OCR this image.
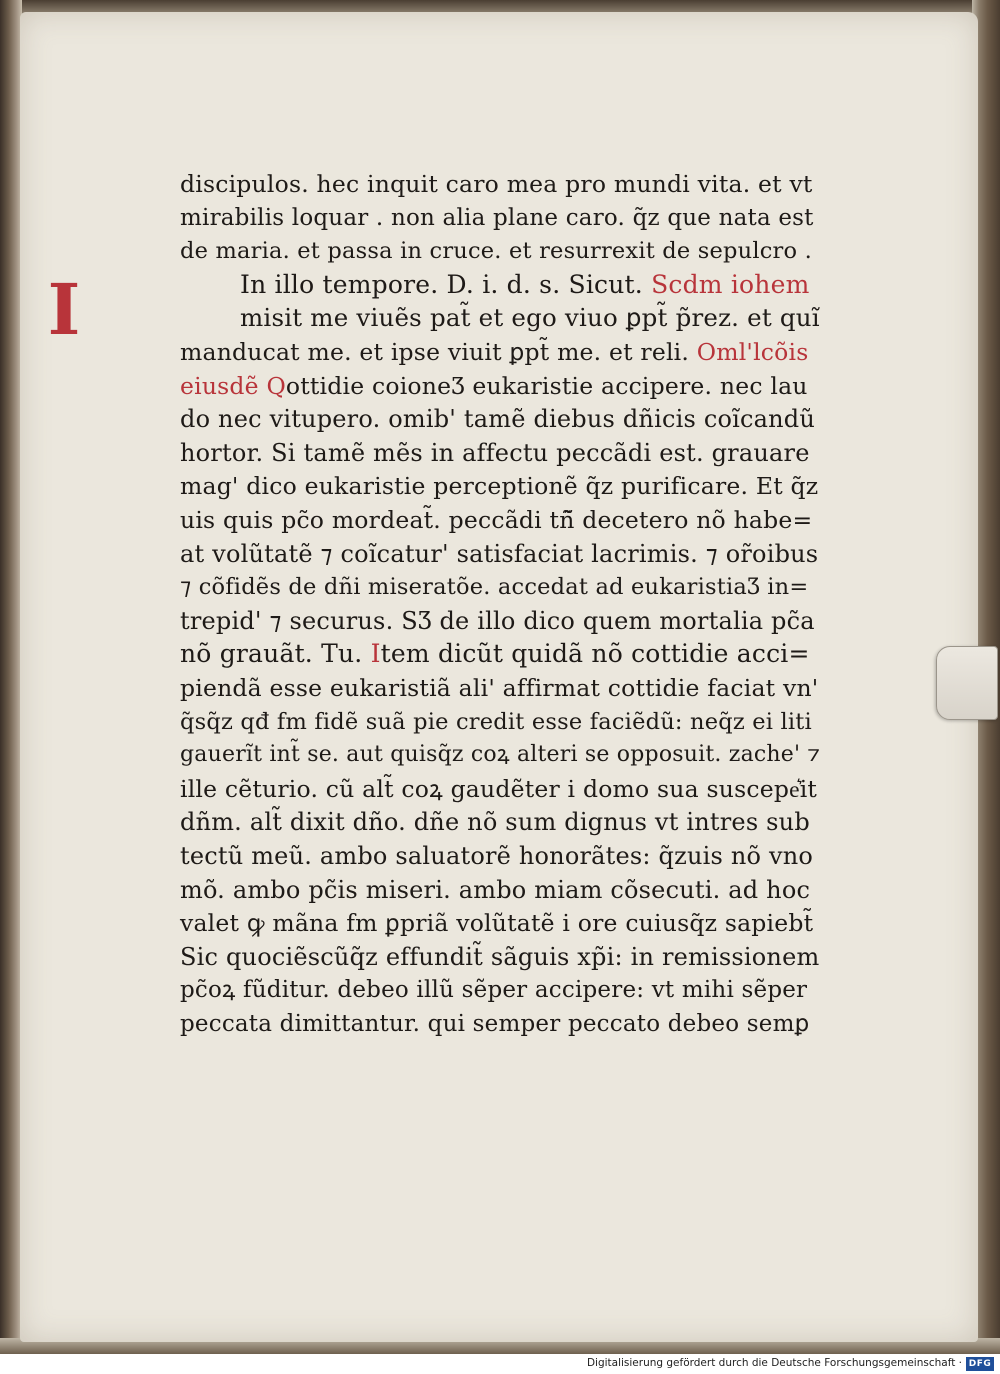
I
discipulos. hec inquit caro mea pro mundi vita. et vt
mirabilis loquar . non alia plane caro. q̃z que nata est
de maria. et passa in cruce. et resurrexit de sepulcro .
In illo tempore. D. i. d. s. Sicut. Scdm iohem
misit me viuẽs pat̃ et ego viuo ꝑpt̃ p̃rez. et quĩ
manducat me. et ipse viuit ꝑpt̃ me. et reli. Oml'lcõis
eiusdẽ Qottidie coioneƷ eukaristie accipere. nec lau
do nec vitupero. omib' tamẽ diebus dñicis coĩcandũ
hortor. Si tamẽ mẽs in affectu peccãdi est. grauare
mag' dico eukaristie perceptionẽ q̃z purificare. Et q̃z
uis quis pc̃o mordeat̃. peccãdi tñ̃ decetero nõ habe=
at volũtatẽ ⁊ coĩcatur' satisfaciat lacrimis. ⁊ or̃oibus
⁊ cõfidẽs de dñi miseratõe. accedat ad eukaristiaƷ in=
trepid' ⁊ securus. SƷ de illo dico quem mortalia pc̃a
nõ grauãt. Tu. Item dicũt quidã nõ cottidie acci=
piendã esse eukaristiã ali' affirmat cottidie faciat vn'
q̃sq̃z qđ fm fidẽ suã pie credit esse faciẽdũ: neq̃z ei liti
gauerĩt int̃ se. aut quisq̃z coꝝ alteri se opposuit. zache' ⁊
ille cẽturio. cũ alt̃ coꝝ gaudẽter i domo sua suscepe͛it
dñm. alt̃ dixit dño. dñe nõ sum dignus vt intres sub
tectũ meũ. ambo saluatorẽ honorãtes: q̃zuis nõ vno
mõ. ambo pc̃is miseri. ambo miam cõsecuti. ad hoc
valet ꝙ mãna fm ꝑpriã volũtatẽ i ore cuiusq̃z sapiebt̃
Sic quociẽscũq̃z effundit̃ sãguis xp̃i: in remissionem
pc̃oꝝ fũditur. debeo illũ sẽper accipere: vt mihi sẽper
peccata dimittantur. qui semper peccato debeo semꝑ
Digitalisierung gefördert durch die Deutsche Forschungsgemeinschaft · DFG
